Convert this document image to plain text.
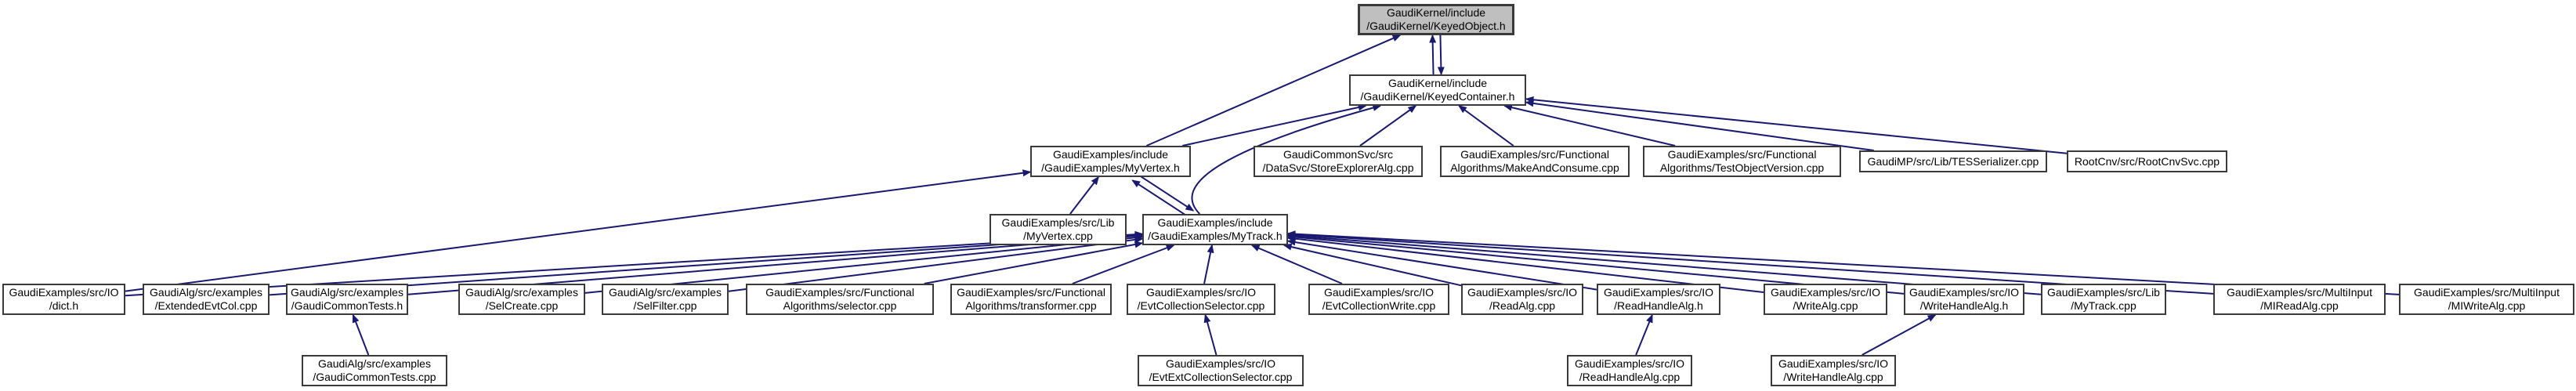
GaudiKernel/include
/GaudiKernel/KeyedObject.h
GaudiKernel/include
/GaudiKernel/KeyedContainer.h
GaudiExamples/include
/GaudiExamples/MyVertex.h
GaudiCommonSvc/src
/DataSvc/StoreExplorerAlg.cpp
GaudiExamples/src/Functional
Algorithms/MakeAndConsume.cpp
GaudiExamples/src/Functional
Algorithms/TestObjectVersion.cpp
GaudiMP/src/Lib/TESSerializer.cpp	RootCnv/src/RootCnvSvc.cpp
GaudiExamples/src/Lib
/MyVertex.cpp
GaudiExamples/include
/GaudiExamples/MyTrack.h
GaudiExamples/src/IO
/dict.h
GaudiAlg/src/examples
/ExtendedEvtCol.cpp
GaudiAlg/src/examples
/GaudiCommonTests.h
GaudiAlg/src/examples
/SelCreate.cpp
GaudiAlg/src/examples
/SelFilter.cpp
GaudiExamples/src/Functional
Algorithms/selector.cpp
GaudiExamples/src/Functional
Algorithms/transformer.cpp
GaudiExamples/src/IO
/EvtCollectionSelector.cpp
GaudiExamples/src/IO
/EvtCollectionWrite.cpp
GaudiExamples/src/IO
/ReadAlg.cpp
GaudiExamples/src/IO
/ReadHandleAlg.h
GaudiExamples/src/IO
/WriteAlg.cpp
GaudiExamples/src/IO
/WriteHandleAlg.h
GaudiExamples/src/Lib
/MyTrack.cpp
GaudiExamples/src/MultiInput
/MIReadAlg.cpp
GaudiExamples/src/MultiInput
/MIWriteAlg.cpp
GaudiAlg/src/examples
/GaudiCommonTests.cpp
GaudiExamples/src/IO
/EvtExtCollectionSelector.cpp
GaudiExamples/src/IO
/ReadHandleAlg.cpp
GaudiExamples/src/IO
/WriteHandleAlg.cpp
